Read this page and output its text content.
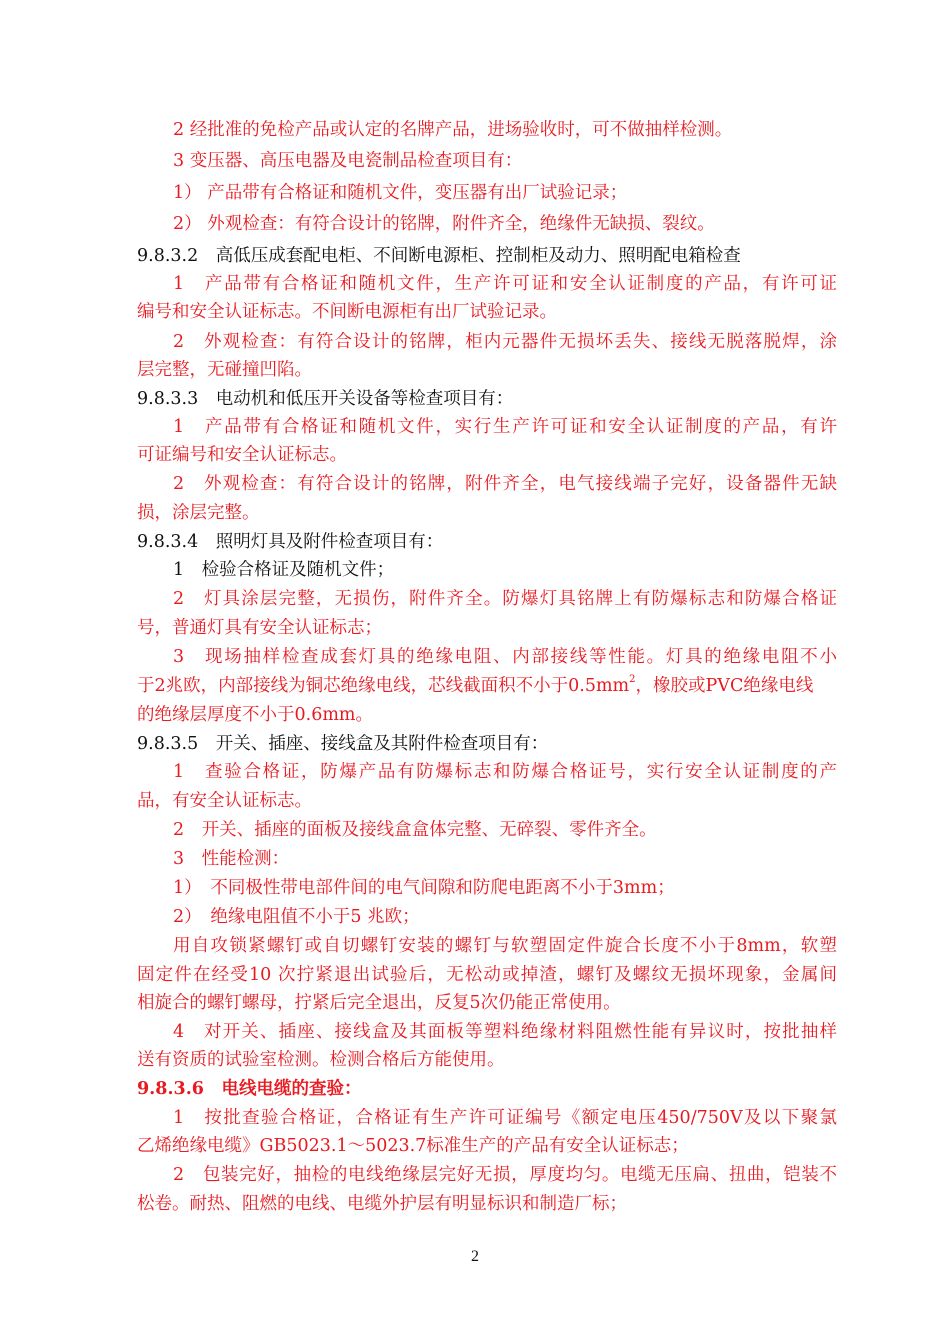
2 经批准的免检产品或认定的名牌产品，进场验收时，可不做抽样检测。
3 变压器、高压电器及电瓷制品检查项目有：
1） 产品带有合格证和随机文件，变压器有出厂试验记录；
2） 外观检查：有符合设计的铭牌，附件齐全，绝缘件无缺损、裂纹。
9.8.3.2　高低压成套配电柜、不间断电源柜、控制柜及动力、照明配电箱检查
1　产品带有合格证和随机文件，生产许可证和安全认证制度的产品，有许可证
编号和安全认证标志。不间断电源柜有出厂试验记录。
2　外观检查：有符合设计的铭牌，柜内元器件无损坏丢失、接线无脱落脱焊，涂
层完整，无碰撞凹陷。
9.8.3.3　电动机和低压开关设备等检查项目有：
1　产品带有合格证和随机文件，实行生产许可证和安全认证制度的产品，有许
可证编号和安全认证标志。
2　外观检查：有符合设计的铭牌，附件齐全，电气接线端子完好，设备器件无缺
损，涂层完整。
9.8.3.4　照明灯具及附件检查项目有：
1　检验合格证及随机文件；
2　灯具涂层完整，无损伤，附件齐全。防爆灯具铭牌上有防爆标志和防爆合格证
号，普通灯具有安全认证标志；
3　现场抽样检查成套灯具的绝缘电阻、内部接线等性能。灯具的绝缘电阻不小
于2兆欧，内部接线为铜芯绝缘电线，芯线截面积不小于$0.5mm^2$，橡胶或PVC绝缘电线
的绝缘层厚度不小于0.6mm。
9.8.3.5　开关、插座、接线盒及其附件检查项目有：
1　查验合格证，防爆产品有防爆标志和防爆合格证号，实行安全认证制度的产
品，有安全认证标志。
2　开关、插座的面板及接线盒盒体完整、无碎裂、零件齐全。
3　性能检测：
1）　不同极性带电部件间的电气间隙和防爬电距离不小于3mm；
2）　绝缘电阻值不小于5 兆欧；
用自攻锁紧螺钉或自切螺钉安装的螺钉与软塑固定件旋合长度不小于8mm，软塑
固定件在经受10 次拧紧退出试验后，无松动或掉渣，螺钉及螺纹无损坏现象，金属间
相旋合的螺钉螺母，拧紧后完全退出，反复5次仍能正常使用。
4　对开关、插座、接线盒及其面板等塑料绝缘材料阻燃性能有异议时，按批抽样
送有资质的试验室检测。检测合格后方能使用。
9.8.3.6　电线电缆的查验：
1　按批查验合格证，合格证有生产许可证编号《额定电压450/750V及以下聚氯
乙烯绝缘电缆》GB5023.1～5023.7标准生产的产品有安全认证标志；
2　包装完好，抽检的电线绝缘层完好无损，厚度均匀。电缆无压扁、扭曲，铠装不
松卷。耐热、阻燃的电线、电缆外护层有明显标识和制造厂标；
2
